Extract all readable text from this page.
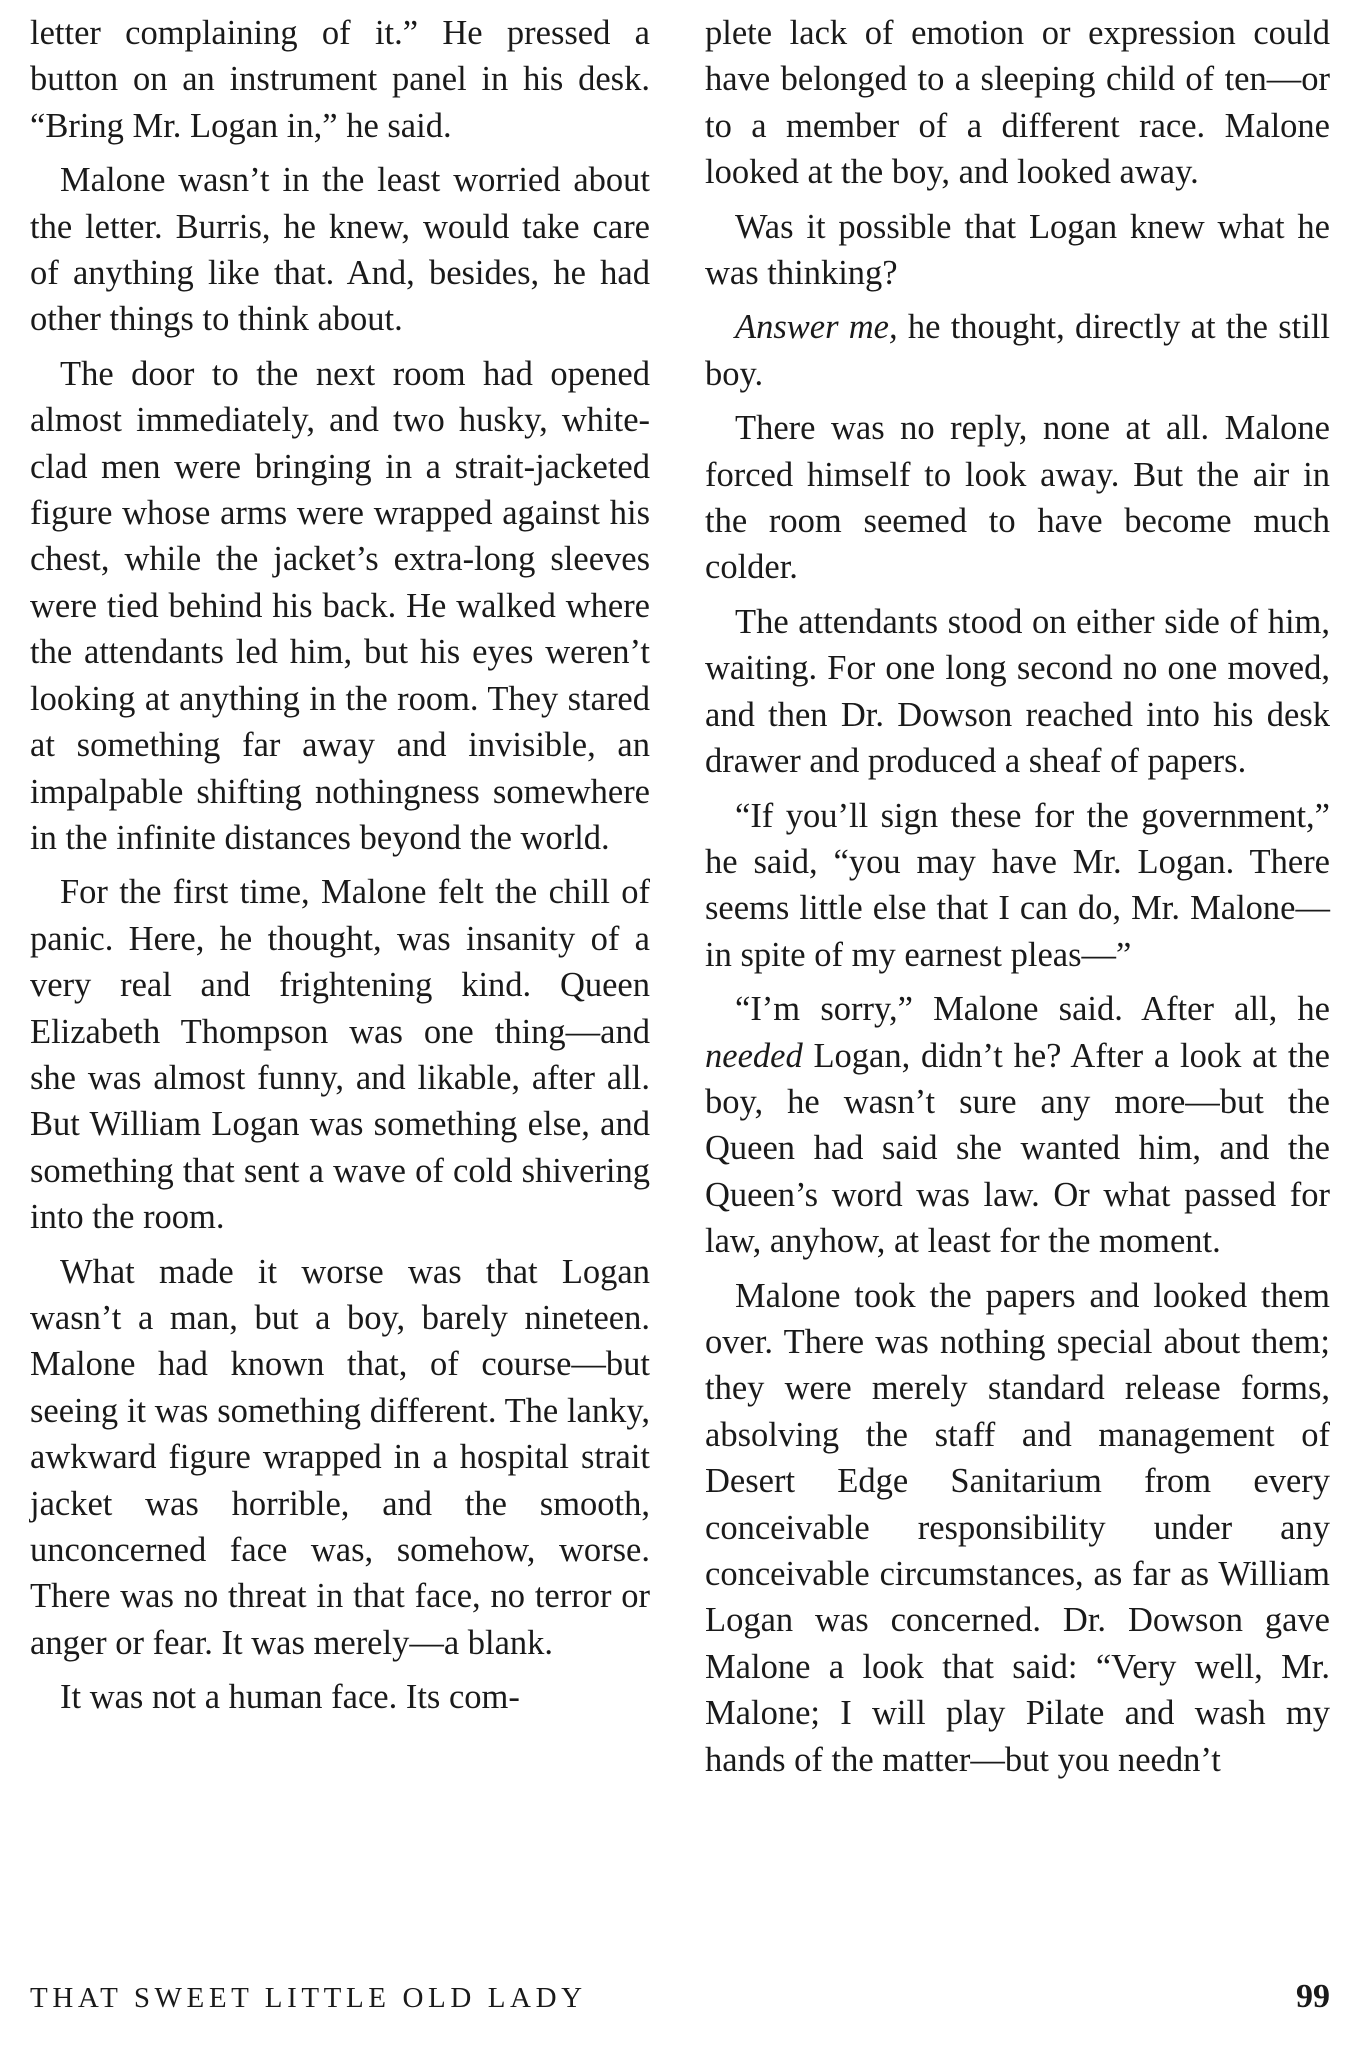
letter complaining of it.” He pressed a button on an instrument panel in his desk. “Bring Mr. Logan in,” he said.

Malone wasn’t in the least worried about the letter. Burris, he knew, would take care of anything like that. And, besides, he had other things to think about.

The door to the next room had opened almost immediately, and two husky, white-clad men were bringing in a strait-jacketed figure whose arms were wrapped against his chest, while the jacket’s extra-long sleeves were tied behind his back. He walked where the attendants led him, but his eyes weren’t looking at anything in the room. They stared at something far away and invisible, an impalpable shifting nothingness somewhere in the infinite distances beyond the world.

For the first time, Malone felt the chill of panic. Here, he thought, was insanity of a very real and frightening kind. Queen Elizabeth Thompson was one thing—and she was almost funny, and likable, after all. But William Logan was something else, and something that sent a wave of cold shivering into the room.

What made it worse was that Logan wasn’t a man, but a boy, barely nineteen. Malone had known that, of course—but seeing it was something different. The lanky, awkward figure wrapped in a hospital strait jacket was horrible, and the smooth, unconcerned face was, somehow, worse. There was no threat in that face, no terror or anger or fear. It was merely—a blank.

It was not a human face. Its com-

plete lack of emotion or expression could have belonged to a sleeping child of ten—or to a member of a different race. Malone looked at the boy, and looked away.

Was it possible that Logan knew what he was thinking?

Answer me, he thought, directly at the still boy.

There was no reply, none at all. Malone forced himself to look away. But the air in the room seemed to have become much colder.

The attendants stood on either side of him, waiting. For one long second no one moved, and then Dr. Dowson reached into his desk drawer and produced a sheaf of papers.

“If you’ll sign these for the government,” he said, “you may have Mr. Logan. There seems little else that I can do, Mr. Malone—in spite of my earnest pleas—”

“I’m sorry,” Malone said. After all, he needed Logan, didn’t he? After a look at the boy, he wasn’t sure any more—but the Queen had said she wanted him, and the Queen’s word was law. Or what passed for law, anyhow, at least for the moment.

Malone took the papers and looked them over. There was nothing special about them; they were merely standard release forms, absolving the staff and management of Desert Edge Sanitarium from every conceivable responsibility under any conceivable circumstances, as far as William Logan was concerned. Dr. Dowson gave Malone a look that said: “Very well, Mr. Malone; I will play Pilate and wash my hands of the matter—but you needn’t

THAT SWEET LITTLE OLD LADY	99
